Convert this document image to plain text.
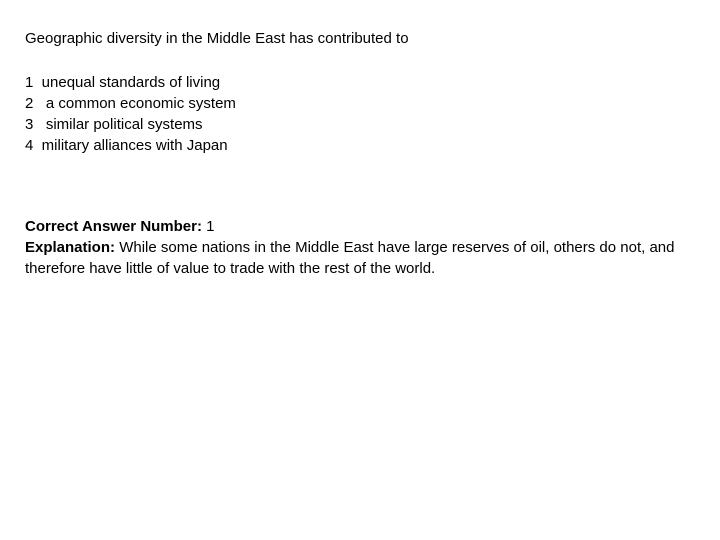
Geographic diversity in the Middle East has contributed to
1  unequal standards of living
2   a common economic system
3   similar political systems
4  military alliances with Japan
Correct Answer Number: 1

Explanation: While some nations in the Middle East have large reserves of oil, others do not, and therefore have little of value to trade with the rest of the world.
